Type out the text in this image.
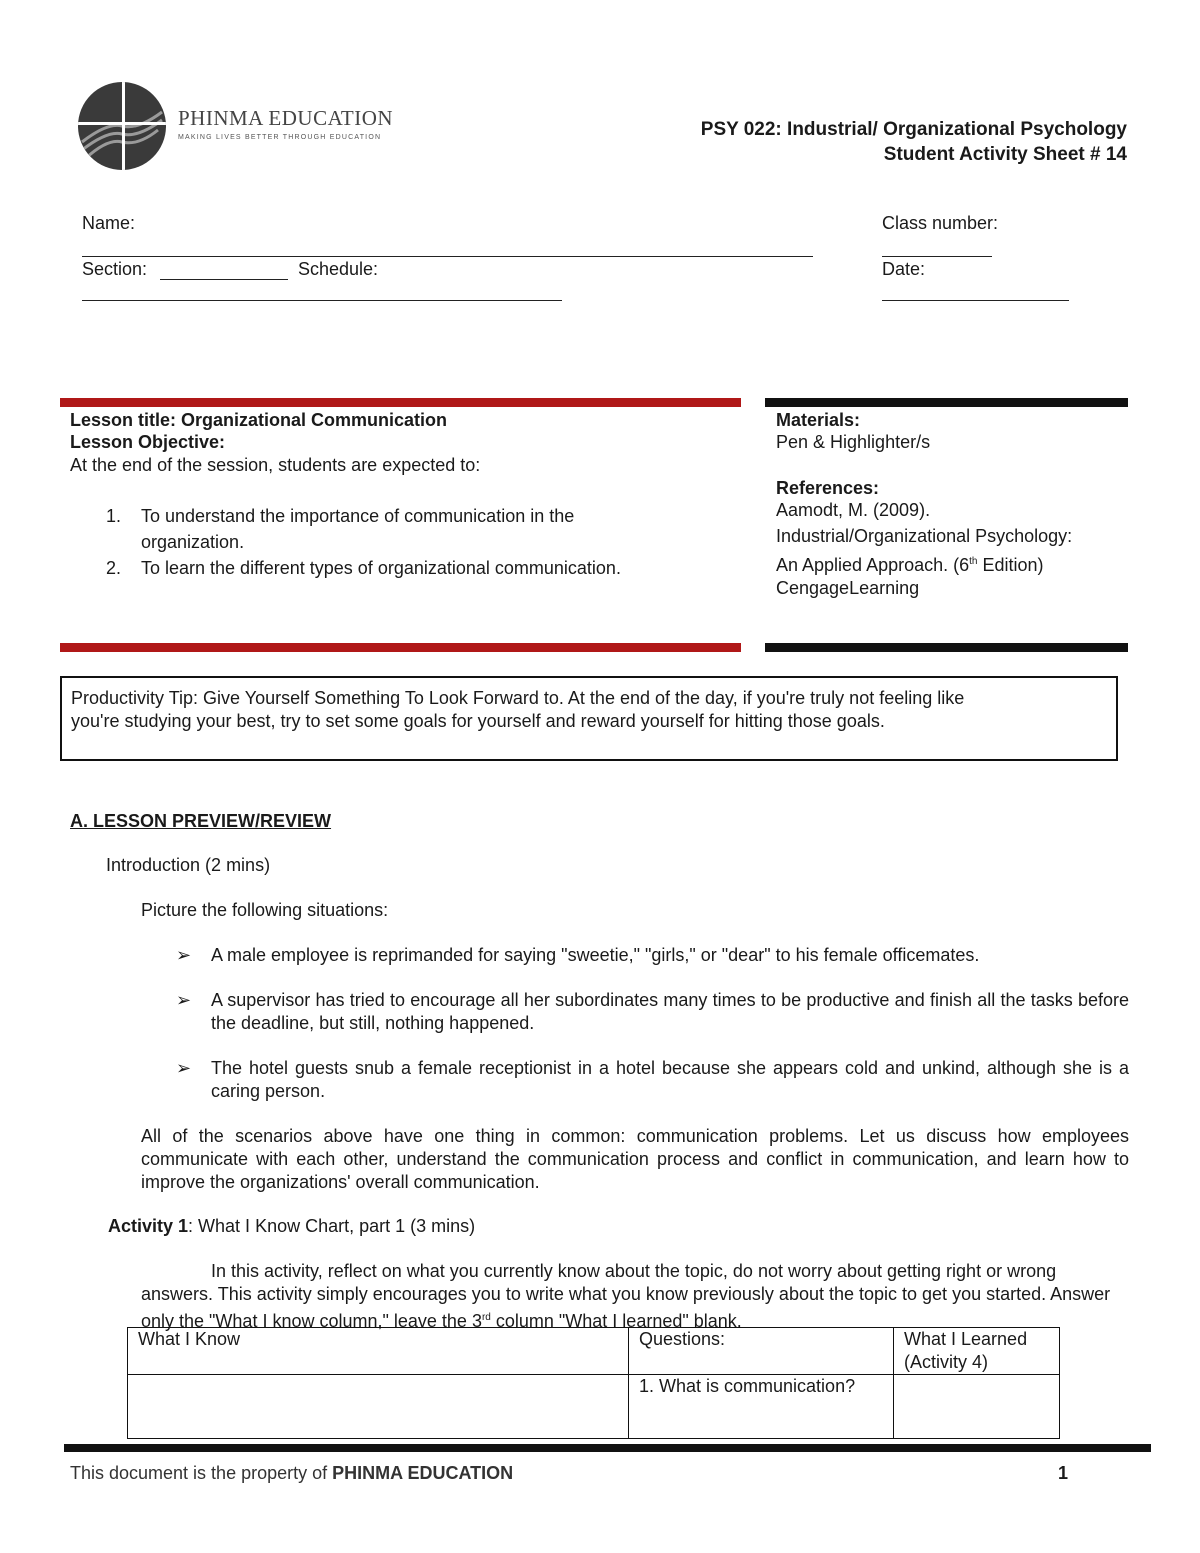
PHINMA EDUCATION
MAKING LIVES BETTER THROUGH EDUCATION	PSY 022: Industrial/ Organizational Psychology
Student Activity Sheet # 14
Name:	Class number:
Section:	Schedule:	Date:
Lesson title: Organizational Communication
Lesson Objective:
At the end of the session, students are expected to:
1. To understand the importance of communication in the
organization.
2. To learn the different types of organizational communication.
Materials:
Pen & Highlighter/s
References:
Aamodt, M. (2009).
Industrial/Organizational Psychology:
An Applied Approach. (6th Edition)
CengageLearning
Productivity Tip: Give Yourself Something To Look Forward to. At the end of the day, if you're truly not feeling like
you're studying your best, try to set some goals for yourself and reward yourself for hitting those goals.
A. LESSON PREVIEW/REVIEW
Introduction (2 mins)
Picture the following situations:
➢ A male employee is reprimanded for saying "sweetie," "girls," or "dear" to his female officemates.
➢ A supervisor has tried to encourage all her subordinates many times to be productive and finish all the tasks before the deadline, but still, nothing happened.
➢ The hotel guests snub a female receptionist in a hotel because she appears cold and unkind, although she is a caring person.
All of the scenarios above have one thing in common: communication problems. Let us discuss how employees communicate with each other, understand the communication process and conflict in communication, and learn how to improve the organizations' overall communication.
Activity 1: What I Know Chart, part 1 (3 mins)
In this activity, reflect on what you currently know about the topic, do not worry about getting right or wrong answers. This activity simply encourages you to write what you know previously about the topic to get you started. Answer only the "What I know column," leave the 3rd column "What I learned" blank.
What I Know	Questions:	What I Learned (Activity 4)
	1. What is communication?	
This document is the property of PHINMA EDUCATION	1
